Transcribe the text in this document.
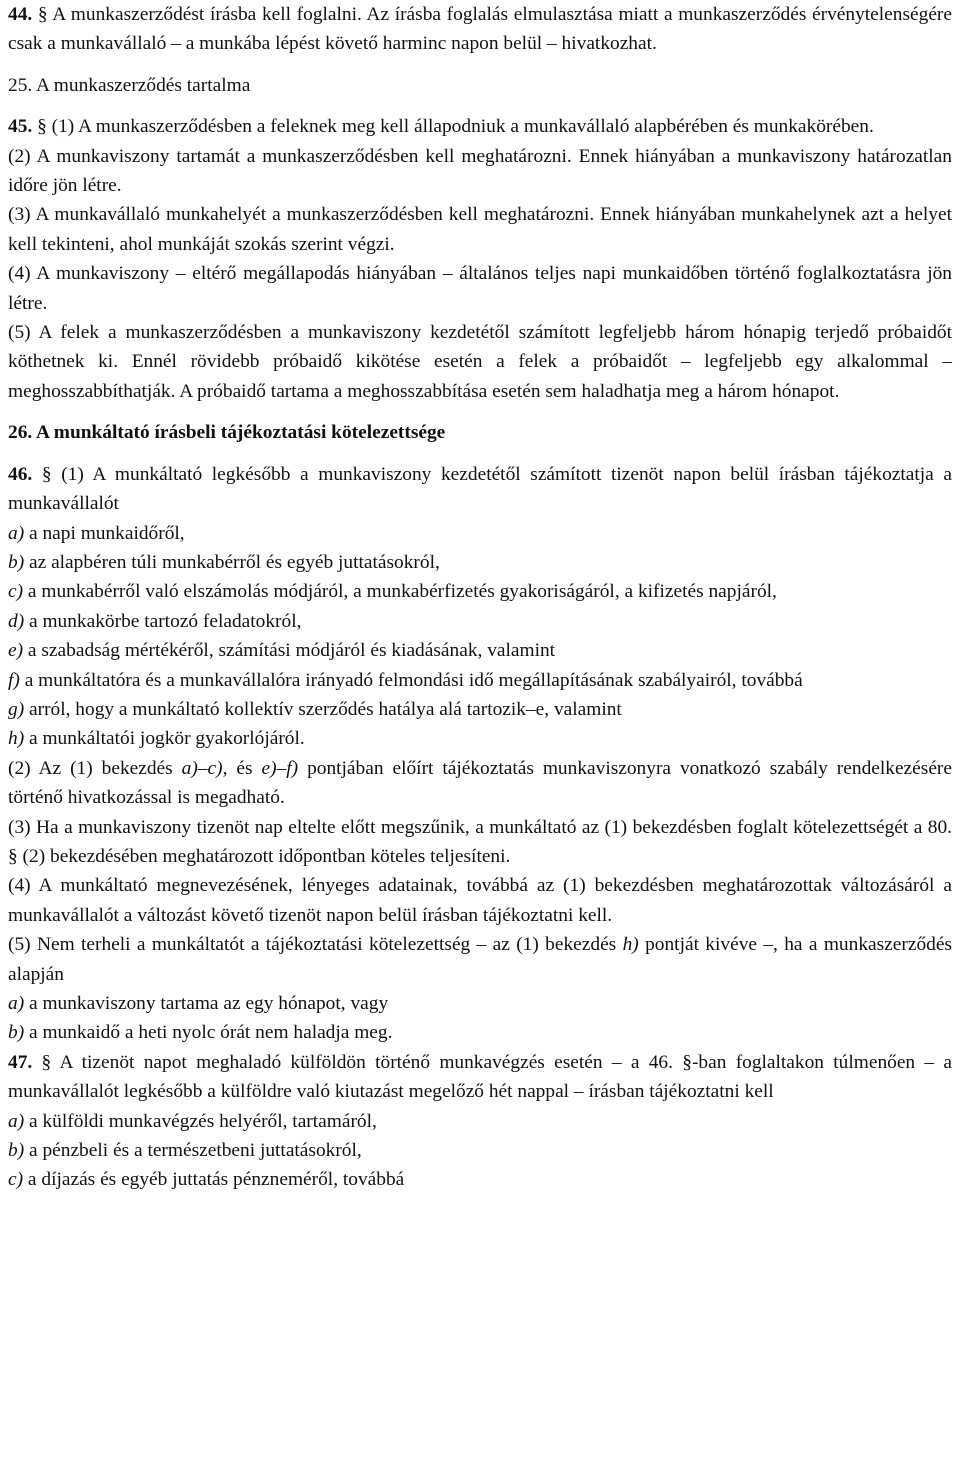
44. § A munkaszerződést írásba kell foglalni. Az írásba foglalás elmulasztása miatt a munkaszerződés érvénytelenségére csak a munkavállaló – a munkába lépést követő harminc napon belül – hivatkozhat.

25. A munkaszerződés tartalma

45. § (1) A munkaszerződésben a feleknek meg kell állapodniuk a munkavállaló alapbérében és munkakörében.

(2) A munkaviszony tartamát a munkaszerződésben kell meghatározni. Ennek hiányában a munkaviszony határozatlan időre jön létre.

(3) A munkavállaló munkahelyét a munkaszerződésben kell meghatározni. Ennek hiányában munkahelynek azt a helyet kell tekinteni, ahol munkáját szokás szerint végzi.

(4) A munkaviszony – eltérő megállapodás hiányában – általános teljes napi munkaidőben történő foglalkoztatásra jön létre.

(5) A felek a munkaszerződésben a munkaviszony kezdetétől számított legfeljebb három hónapig terjedő próbaidőt köthetnek ki. Ennél rövidebb próbaidő kikötése esetén a felek a próbaidőt – legfeljebb egy alkalommal – meghosszabbíthatják. A próbaidő tartama a meghosszabbítása esetén sem haladhatja meg a három hónapot.

26. A munkáltató írásbeli tájékoztatási kötelezettsége

46. § (1) A munkáltató legkésőbb a munkaviszony kezdetétől számított tizenöt napon belül írásban tájékoztatja a munkavállalót

a) a napi munkaidőről,

b) az alapbéren túli munkabérről és egyéb juttatásokról,

c) a munkabérről való elszámolás módjáról, a munkabérfizetés gyakoriságáról, a kifizetés napjáról,

d) a munkakörbe tartozó feladatokról,

e) a szabadság mértékéről, számítási módjáról és kiadásának, valamint

f) a munkáltatóra és a munkavállalóra irányadó felmondási idő megállapításának szabályairól, továbbá

g) arról, hogy a munkáltató kollektív szerződés hatálya alá tartozik–e, valamint

h) a munkáltatói jogkör gyakorlójáról.

(2) Az (1) bekezdés a)–c), és e)–f) pontjában előírt tájékoztatás munkaviszonyra vonatkozó szabály rendelkezésére történő hivatkozással is megadható.

(3) Ha a munkaviszony tizenöt nap eltelte előtt megszűnik, a munkáltató az (1) bekezdésben foglalt kötelezettségét a 80. § (2) bekezdésében meghatározott időpontban köteles teljesíteni.

(4) A munkáltató megnevezésének, lényeges adatainak, továbbá az (1) bekezdésben meghatározottak változásáról a munkavállalót a változást követő tizenöt napon belül írásban tájékoztatni kell.

(5) Nem terheli a munkáltatót a tájékoztatási kötelezettség – az (1) bekezdés h) pontját kivéve –, ha a munkaszerződés alapján

a) a munkaviszony tartama az egy hónapot, vagy

b) a munkaidő a heti nyolc órát nem haladja meg.

47. § A tizenöt napot meghaladó külföldön történő munkavégzés esetén – a 46. §-ban foglaltakon túlmenően – a munkavállalót legkésőbb a külföldre való kiutazást megelőző hét nappal – írásban tájékoztatni kell

a) a külföldi munkavégzés helyéről, tartamáról,

b) a pénzbeli és a természetbeni juttatásokról,

c) a díjazás és egyéb juttatás pénzneméről, továbbá
